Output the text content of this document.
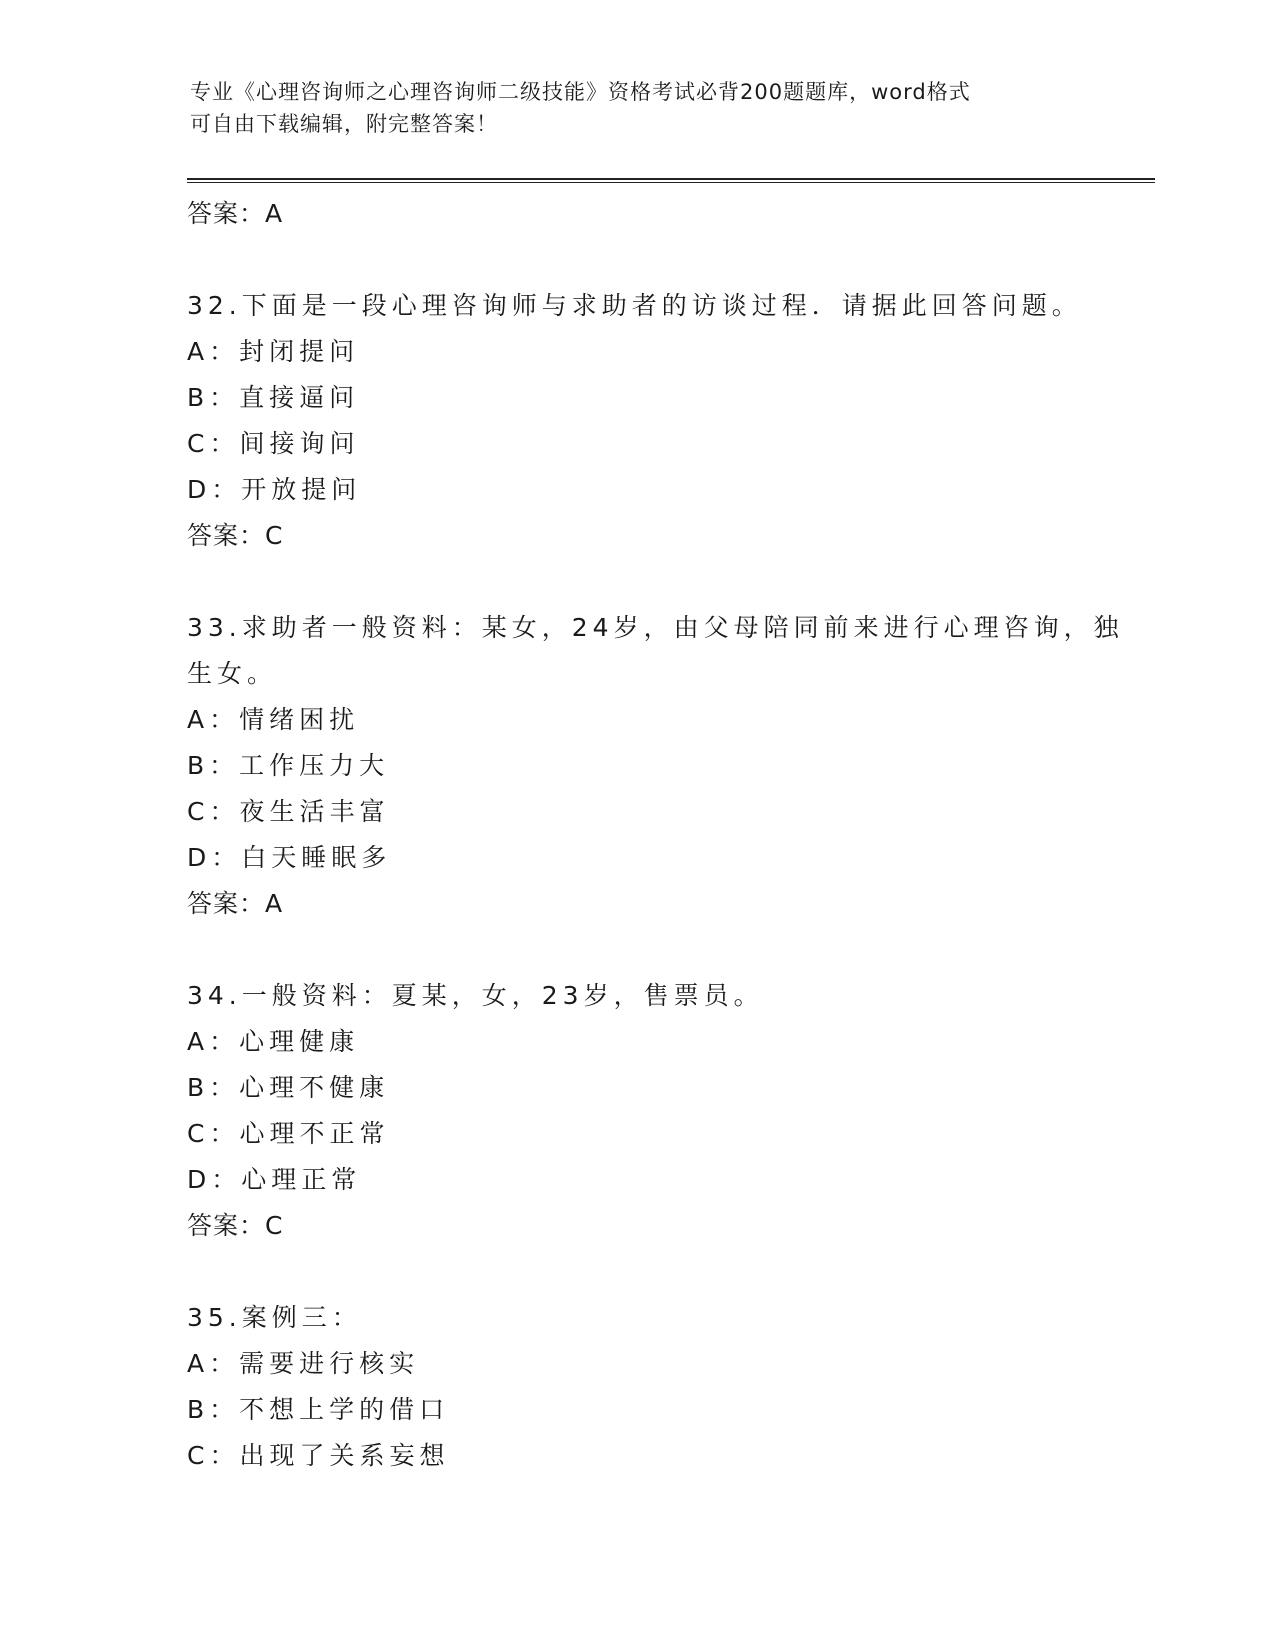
专业《心理咨询师之心理咨询师二级技能》资格考试必背200题题库，word格式
可自由下载编辑，附完整答案！
答案：A
32.下面是一段心理咨询师与求助者的访谈过程．请据此回答问题。
A：封闭提问
B：直接逼问
C：间接询问
D：开放提问
答案：C
33.求助者一般资料：某女，24岁，由父母陪同前来进行心理咨询，独
生女。
A：情绪困扰
B：工作压力大
C：夜生活丰富
D：白天睡眠多
答案：A
34.一般资料：夏某，女，23岁，售票员。
A：心理健康
B：心理不健康
C：心理不正常
D：心理正常
答案：C
35.案例三：
A：需要进行核实
B：不想上学的借口
C：出现了关系妄想
